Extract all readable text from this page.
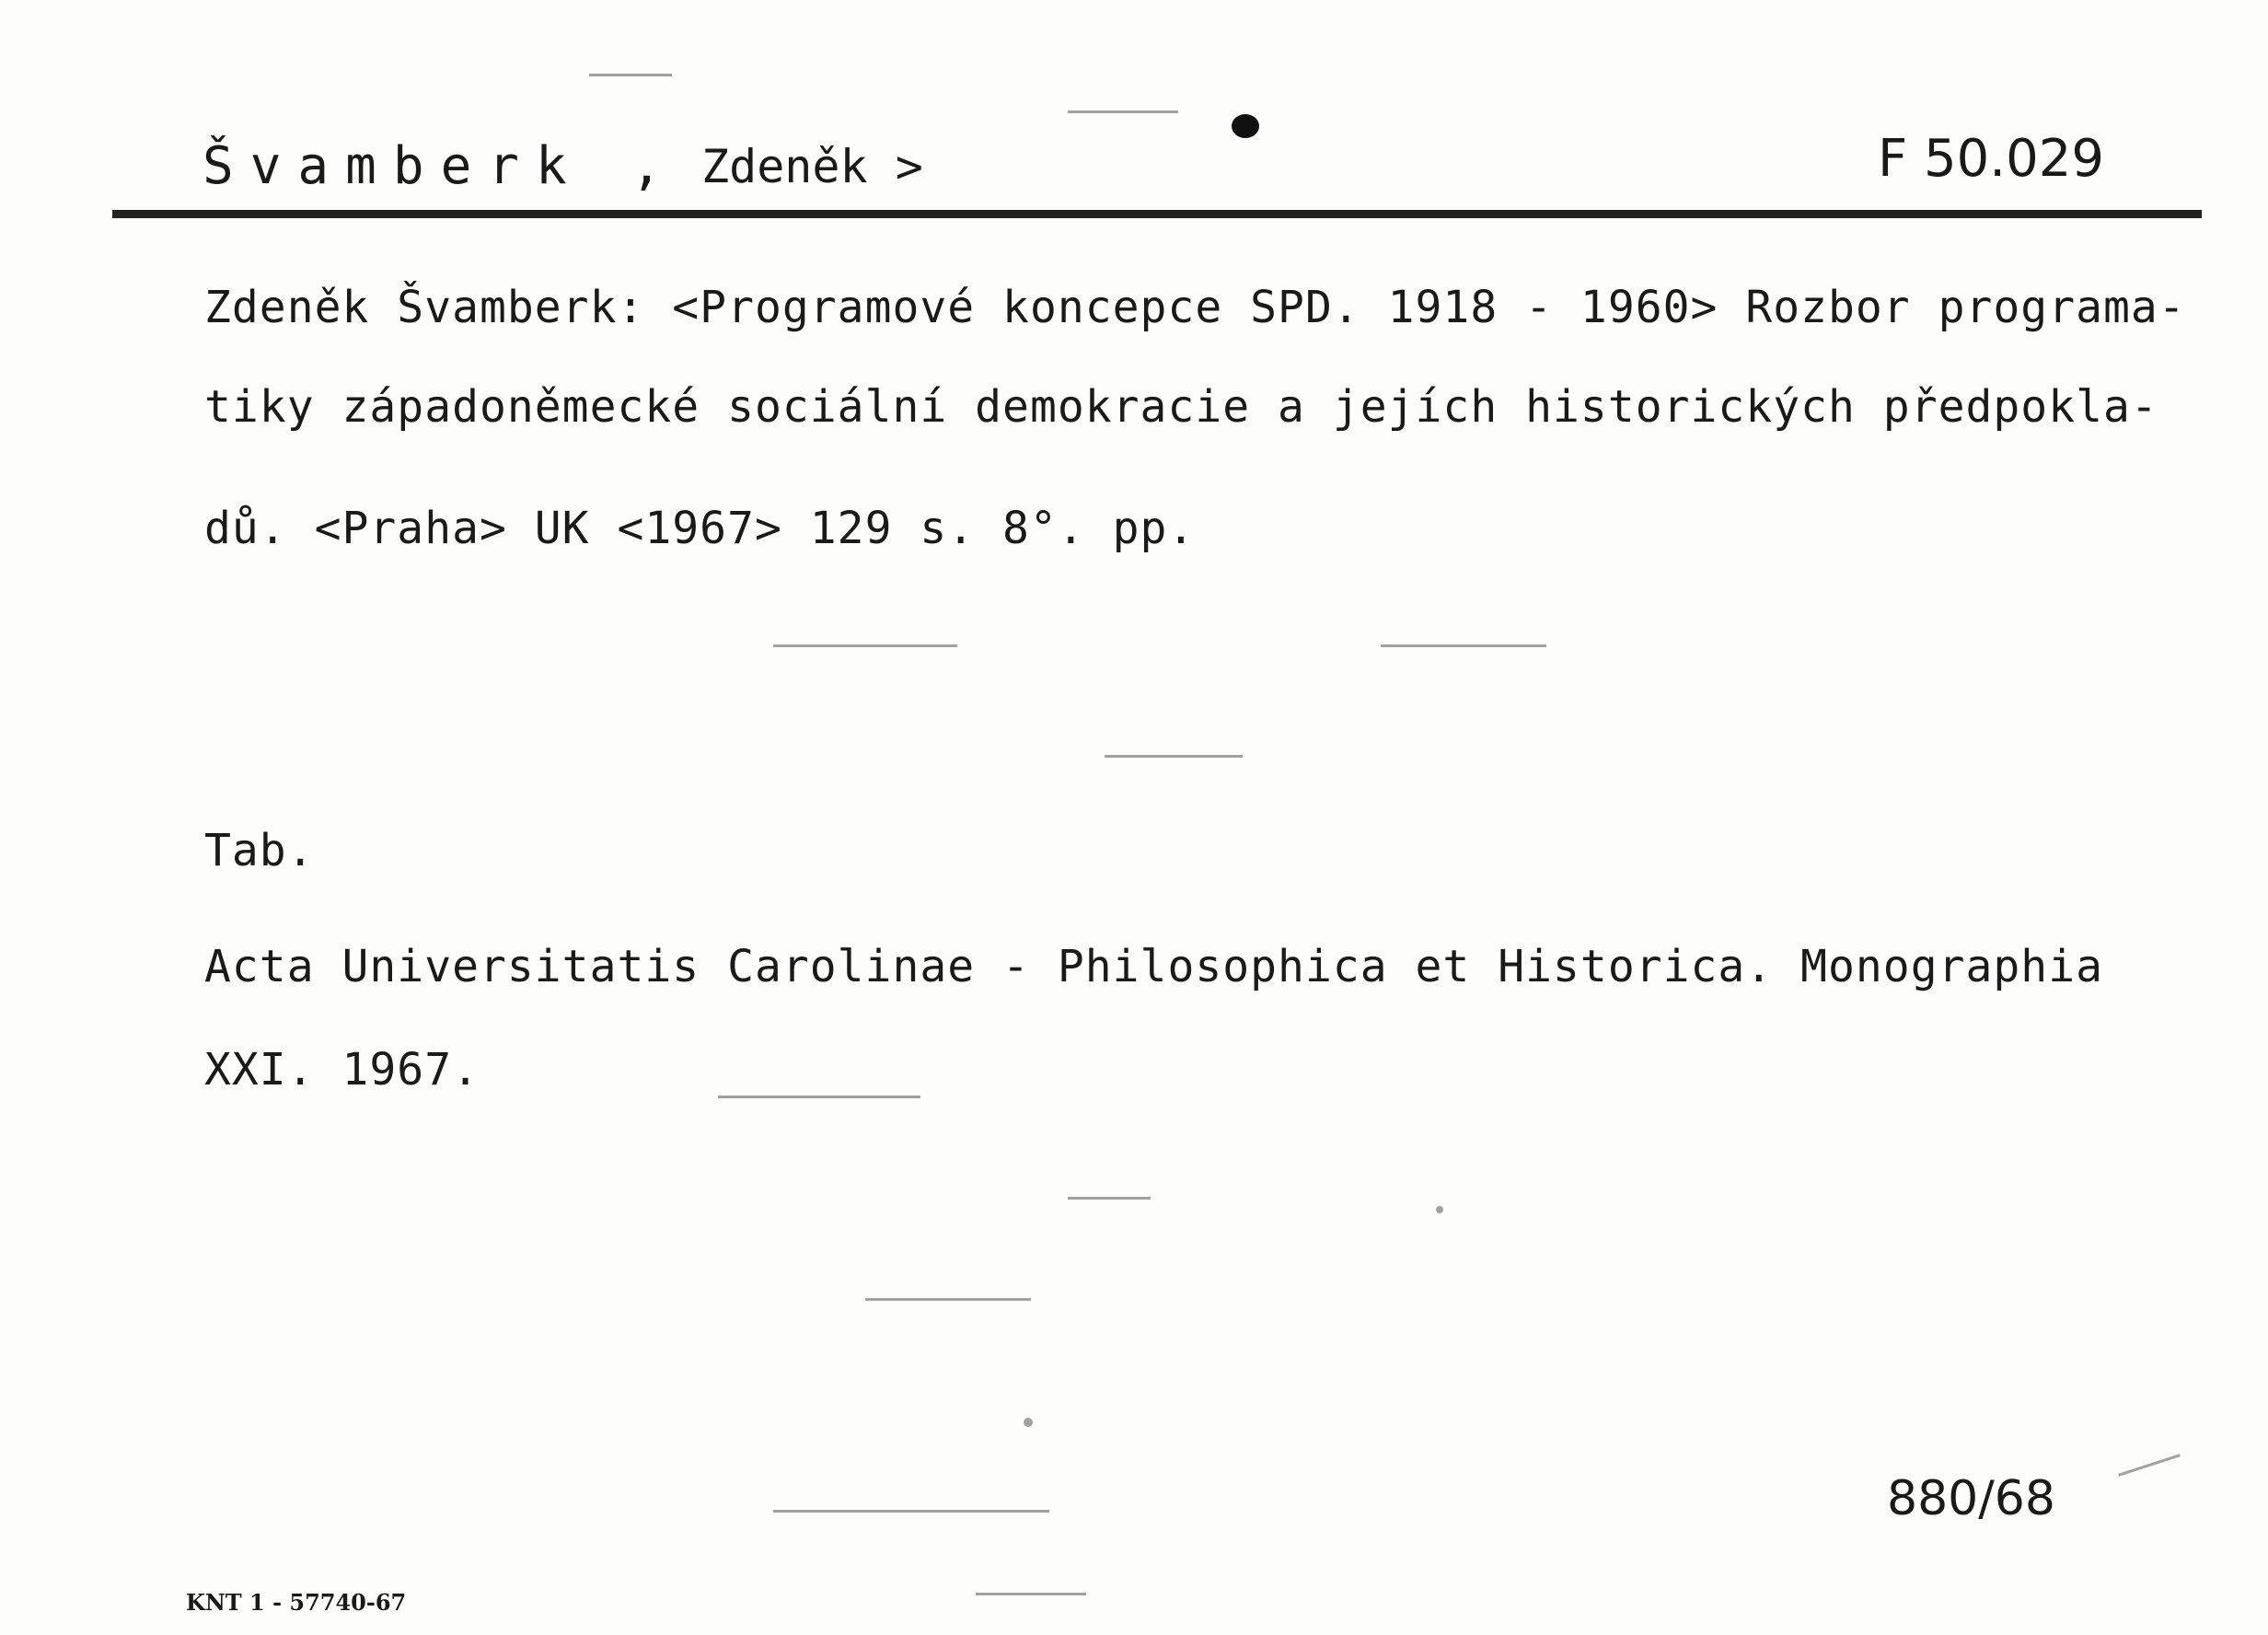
Švamberk , Zdeněk >	F 50.029
Zdeněk Švamberk: <Programové koncepce SPD. 1918 - 1960> Rozbor programa-
tiky západoněmecké sociální demokracie a jejích historických předpokla-
dů. <Praha> UK <1967> 129 s. 8°. pp.
Tab.
Acta Universitatis Carolinae - Philosophica et Historica. Monographia
XXI. 1967.
880/68
KNT 1 - 57740-67
